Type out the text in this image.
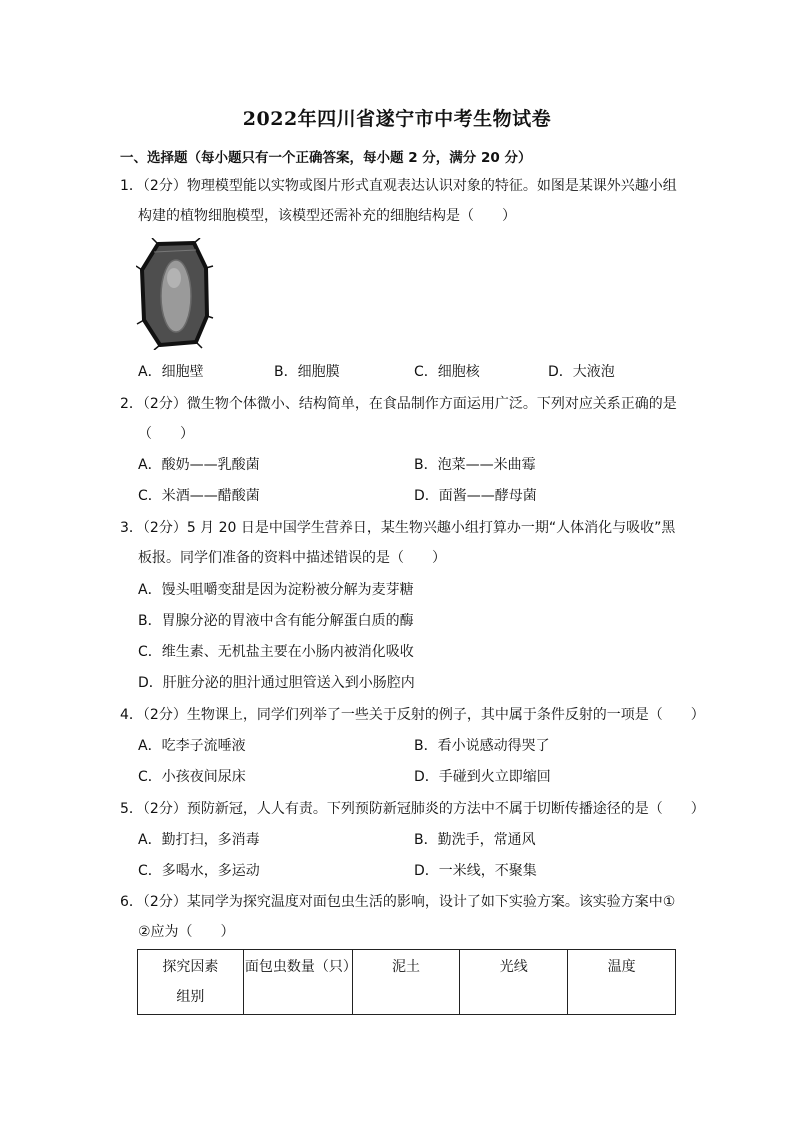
2022年四川省遂宁市中考生物试卷
一、选择题（每小题只有一个正确答案，每小题 2 分，满分 20 分）
1．（2分）物理模型能以实物或图片形式直观表达认识对象的特征。如图是某课外兴趣小组
构建的植物细胞模型，该模型还需补充的细胞结构是（　　）
A．细胞壁	B．细胞膜	C．细胞核	D．大液泡
2．（2分）微生物个体微小、结构简单，在食品制作方面运用广泛。下列对应关系正确的是
（　　）
A．酸奶——乳酸菌	B．泡菜——米曲霉
C．米酒——醋酸菌	D．面酱——酵母菌
3．（2分）5 月 20 日是中国学生营养日，某生物兴趣小组打算办一期“人体消化与吸收”黑
板报。同学们准备的资料中描述错误的是（　　）
A．馒头咀嚼变甜是因为淀粉被分解为麦芽糖
B．胃腺分泌的胃液中含有能分解蛋白质的酶
C．维生素、无机盐主要在小肠内被消化吸收
D．肝脏分泌的胆汁通过胆管送入到小肠腔内
4．（2分）生物课上，同学们列举了一些关于反射的例子，其中属于条件反射的一项是（　　）
A．吃李子流唾液	B．看小说感动得哭了
C．小孩夜间尿床	D．手碰到火立即缩回
5．（2分）预防新冠，人人有责。下列预防新冠肺炎的方法中不属于切断传播途径的是（　　）
A．勤打扫，多消毒	B．勤洗手，常通风
C．多喝水，多运动	D．一米线，不聚集
6．（2分）某同学为探究温度对面包虫生活的影响，设计了如下实验方案。该实验方案中①
②应为（　　）
探究因素
组别	面包虫数量（只）	泥土	光线	温度
